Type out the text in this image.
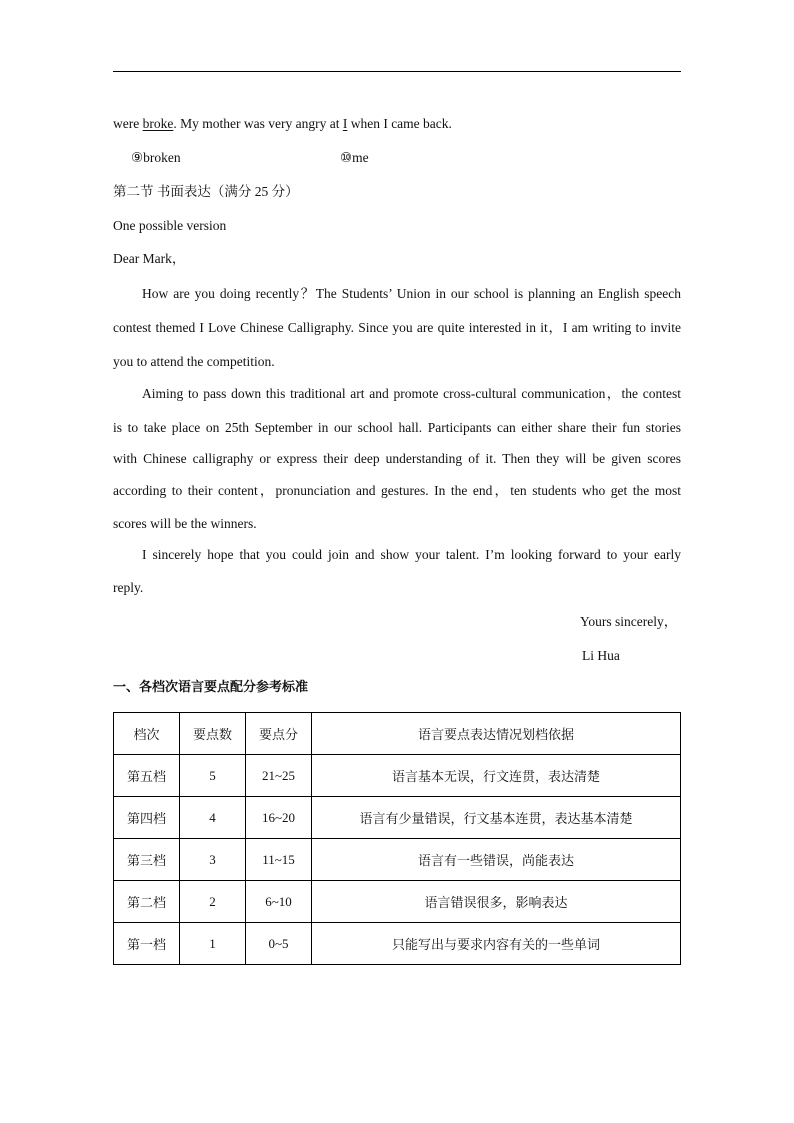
were broke. My mother was very angry at I when I came back.
⑨broken	⑩me
第二节 书面表达（满分 25 分）
One possible version
Dear Mark，
How are you doing recently？The Students’ Union in our school is planning an English speech
contest themed I Love Chinese Calligraphy. Since you are quite interested in it，I am writing to invite
you to attend the competition.
Aiming to pass down this traditional art and promote cross-cultural communication，the contest
is to take place on 25th September in our school hall. Participants can either share their fun stories
with Chinese calligraphy or express their deep understanding of it. Then they will be given scores
according to their content，pronunciation and gestures. In the end，ten students who get the most
scores will be the winners.
I sincerely hope that you could join and show your talent. I’m looking forward to your early
reply.
Yours sincerely，
Li Hua
一、各档次语言要点配分参考标准
档次	要点数	要点分	语言要点表达情况划档依据
第五档	5	21~25	语言基本无误，行文连贯，表达清楚
第四档	4	16~20	语言有少量错误，行文基本连贯，表达基本清楚
第三档	3	11~15	语言有一些错误，尚能表达
第二档	2	6~10	语言错误很多，影响表达
第一档	1	0~5	只能写出与要求内容有关的一些单词
